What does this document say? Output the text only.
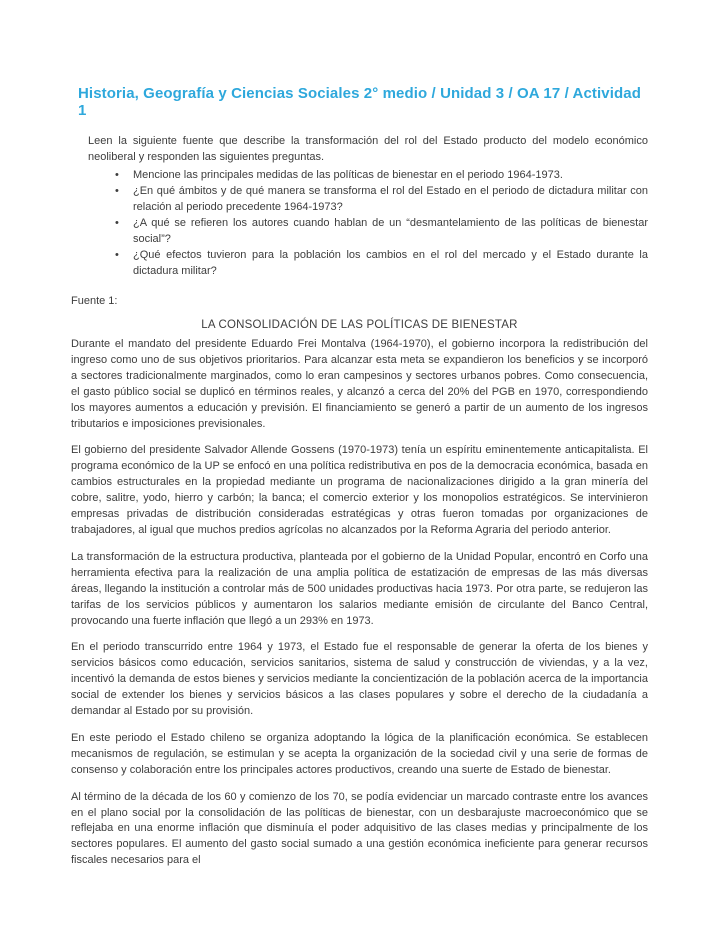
Historia, Geografía y Ciencias Sociales 2° medio / Unidad 3 / OA 17 / Actividad 1

Leen la siguiente fuente que describe la transformación del rol del Estado producto del modelo económico neoliberal y responden las siguientes preguntas.

• Mencione las principales medidas de las políticas de bienestar en el periodo 1964-1973.
• ¿En qué ámbitos y de qué manera se transforma el rol del Estado en el periodo de dictadura militar con relación al periodo precedente 1964-1973?
• ¿A qué se refieren los autores cuando hablan de un “desmantelamiento de las políticas de bienestar social”?
• ¿Qué efectos tuvieron para la población los cambios en el rol del mercado y el Estado durante la dictadura militar?

Fuente 1:

LA CONSOLIDACIÓN DE LAS POLÍTICAS DE BIENESTAR

Durante el mandato del presidente Eduardo Frei Montalva (1964-1970), el gobierno incorpora la redistribución del ingreso como uno de sus objetivos prioritarios. Para alcanzar esta meta se expandieron los beneficios y se incorporó a sectores tradicionalmente marginados, como lo eran campesinos y sectores urbanos pobres. Como consecuencia, el gasto público social se duplicó en términos reales, y alcanzó a cerca del 20% del PGB en 1970, correspondiendo los mayores aumentos a educación y previsión. El financiamiento se generó a partir de un aumento de los ingresos tributarios e imposiciones previsionales.

El gobierno del presidente Salvador Allende Gossens (1970-1973) tenía un espíritu eminentemente anticapitalista. El programa económico de la UP se enfocó en una política redistributiva en pos de la democracia económica, basada en cambios estructurales en la propiedad mediante un programa de nacionalizaciones dirigido a la gran minería del cobre, salitre, yodo, hierro y carbón; la banca; el comercio exterior y los monopolios estratégicos. Se intervinieron empresas privadas de distribución consideradas estratégicas y otras fueron tomadas por organizaciones de trabajadores, al igual que muchos predios agrícolas no alcanzados por la Reforma Agraria del periodo anterior.

La transformación de la estructura productiva, planteada por el gobierno de la Unidad Popular, encontró en Corfo una herramienta efectiva para la realización de una amplia política de estatización de empresas de las más diversas áreas, llegando la institución a controlar más de 500 unidades productivas hacia 1973. Por otra parte, se redujeron las tarifas de los servicios públicos y aumentaron los salarios mediante emisión de circulante del Banco Central, provocando una fuerte inflación que llegó a un 293% en 1973.

En el periodo transcurrido entre 1964 y 1973, el Estado fue el responsable de generar la oferta de los bienes y servicios básicos como educación, servicios sanitarios, sistema de salud y construcción de viviendas, y a la vez, incentivó la demanda de estos bienes y servicios mediante la concientización de la población acerca de la importancia social de extender los bienes y servicios básicos a las clases populares y sobre el derecho de la ciudadanía a demandar al Estado por su provisión.

En este periodo el Estado chileno se organiza adoptando la lógica de la planificación económica. Se establecen mecanismos de regulación, se estimulan y se acepta la organización de la sociedad civil y una serie de formas de consenso y colaboración entre los principales actores productivos, creando una suerte de Estado de bienestar.

Al término de la década de los 60 y comienzo de los 70, se podía evidenciar un marcado contraste entre los avances en el plano social por la consolidación de las políticas de bienestar, con un desbarajuste macroeconómico que se reflejaba en una enorme inflación que disminuía el poder adquisitivo de las clases medias y principalmente de los sectores populares. El aumento del gasto social sumado a una gestión económica ineficiente para generar recursos fiscales necesarios para el
